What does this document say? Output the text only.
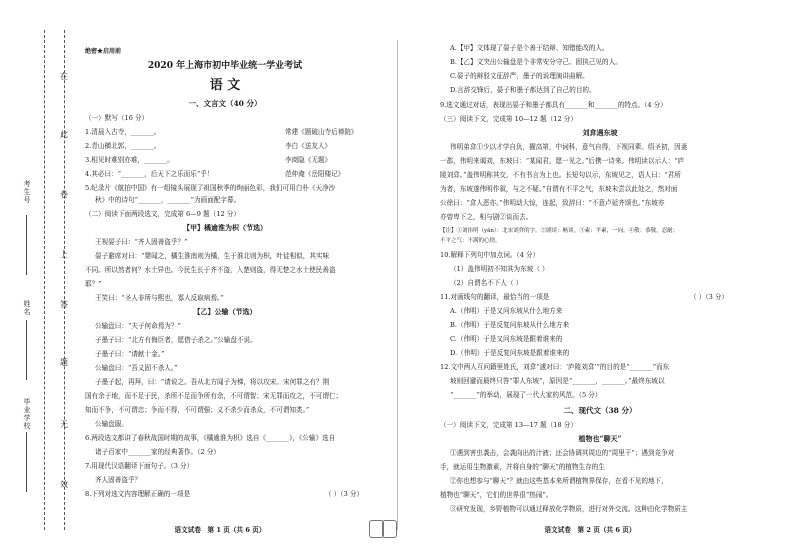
在
此
卷
上
答
题
无
效
考生号
姓名
毕业学校
绝密★启用前
2020 年上海市初中毕业统一学业考试
语 文
一、文言文（40 分）
（一）默写（16 分）
1.清晨入古寺，_______。	常建《题破山寺后禅院》
2.青山横北郭，_______。	李白《送友人》
3.相见时难别亦难，_______。	李商隐《无题》
4.其必曰：“_______，后天下之乐而乐”乎！	范仲淹《岳阳楼记》
5.纪录片《航拍中国》有一组镜头展现了祖国秋季的绚丽色彩，我们可用白朴《天净沙
秋》中的诗句“_______，_______”为画面配字幕。
（二）阅读下面两段选文，完成第 6—9 题（12 分）
【甲】橘逾淮为枳（节选）
王视晏子曰：“齐人固善盗乎？”
晏子避席对曰：“婴闻之，橘生淮南则为橘，生于淮北则为枳，叶徒相似，其实味
不同。所以然者何？水土异也。今民生长于齐不盗，入楚则盗，得无楚之水土使民善盗
耶？”
王笑曰：“圣人非所与熙也，寡人反取病焉。”
【乙】公输（节选）
公输盘曰：“夫子何命焉为？”
子墨子曰：“北方有侮臣者，愿借子杀之。”公输盘不说。
子墨子曰：“请献十金。”
公输盘曰：“吾义固不杀人。”
子墨子起，再拜，曰：“请说之。吾从北方闻子为梯，将以攻宋。宋何罪之有？荆
国有余于地，而不足于民，杀所不足而争所有余，不可谓智；宋无罪而攻之，不可谓仁；
知而不争，不可谓忠；争而不得，不可谓强；义不杀少而杀众，不可谓知类。”
公输盘服。
6.两段选文都讲了春秋战国时期的故事，《橘逾淮为枳》选自《_______》，《公输》选自
诸子百家中_______家的经典著作。（2 分）
7.用现代汉语翻译下面句子。（3 分）
齐人固善盗乎？
8.下列对选文内容理解正确的一项是	（ ）（3 分）
语文试卷　第 1 页（共 6 页）
A.【甲】文体现了晏子是个善于结辩、知错能改的人。
B.【乙】文突出公输盘是个非常安分守己、固执己见的人。
C.晏子的辩驳文征辞严，墨子的说理演讲曲解。
D.言辞交锋后，晏子和墨子都达到了自己的目的。
9.选文通过对话，表现出晏子和墨子都具有_______和_______的特点。（4 分）
（三）阅读下文，完成第 10—12 题（12 分）
刘弇遇东坡
伟明弟弇①少以才学自负，擢高第，中词科，意气自得，下视同辈。绍圣初，因妻
一郡，伟明来谒刘，东坡曰：“某闻君，愿一见之。”后携一诗来。伟明读以示人：“庐
陵刘弇。”盖伟明称其交，不有书言为上也。长短句以示，东坡见之，语人曰：“君所
为者，东坡遂伟明作叙，与之不疑。”自谓有不平之气，东坡未尝以此处之，然对面
公徐曰：“弇人恶亦。”伟明动大惊，连起，致辞曰：“不意卢延齐颂也。”东坡亦
亦曾卑下之，相与剧②谈而去。
【注】①刘伟明（yǎn）：北宋刘弇的字。②剧谈：畅谈。③素：平素，一向。④敬：恭敬，忍耐；
不平之气：不满的心情。
10.解释下列句中加点词。（4 分）
（1）盖伟明初不知其为东坡（ ）
（2）自谓名不下人（ ）
11.对画线句的翻译，最恰当的一项是	（ ）（3 分）
A.（伟明）于是又问东坡从什么地方来
B.（伟明）于是反复问东坡从什么地方来
C.（伟明）于是又问东坡是跟着谁来的
D.（伟明）于是反复问东坡是跟着谁来的
12.文中两人互问籍里姓氏，刘弇“遽对曰：‘庐陵刘弇’”的目的是“_______”而东
坡则回避而最终只答“罪人东坡”，原因是“_______，_______。”最终东坡以
“_______”的举动，展现了一代大家的风范。（5 分）
二、现代文（38 分）
（一）阅读下文，完成第 13—17 题（18 分）
植物也“聊天”
①遇到害虫袭击，会袭向出的汁液；还会协调其周边的“周里干”；遇到竞争对
手，就运用生物激素，并将自身的“聊天”的植物生存的生
②你也想参与“聊天”？就由这些基本来所谓植物界保存，在看不见的地下，
植物也“聊天”，它们的世界很“热闹”。
③研究发现，乡野植物可以通过释放化学物质，进行对外交流。这种由化学物质主
语文试卷　第 2 页（共 6 页）
